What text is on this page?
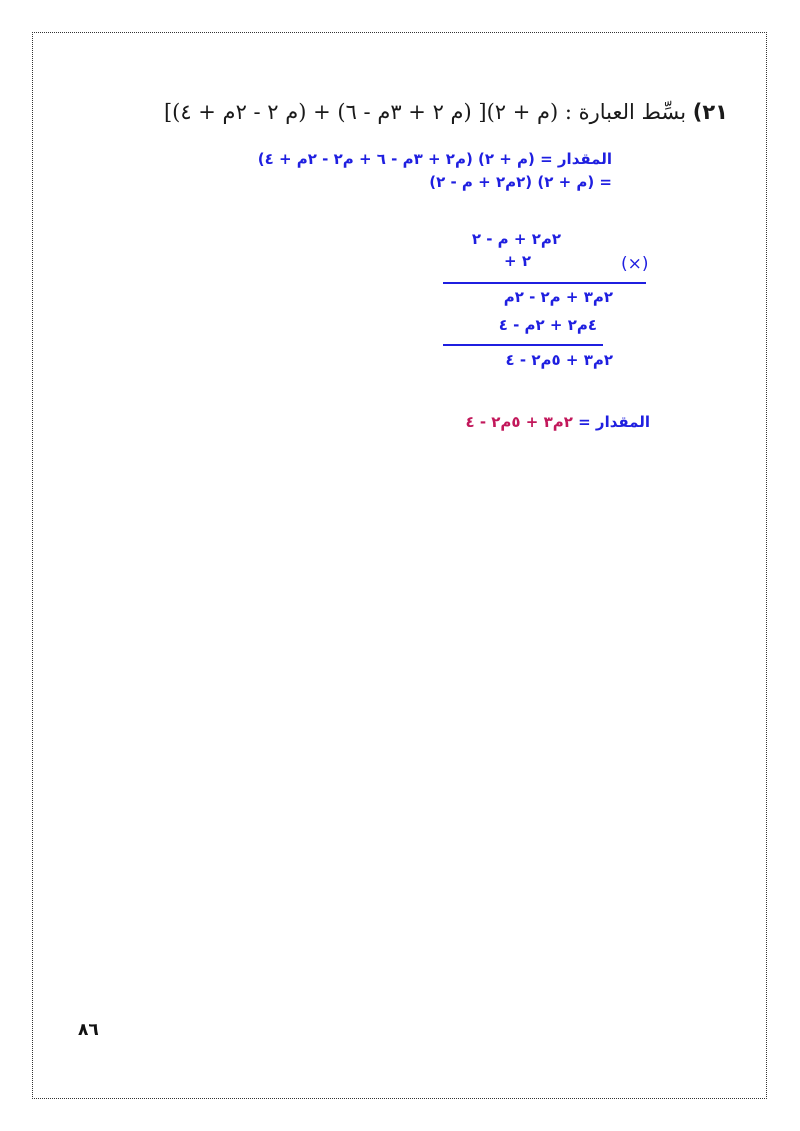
٢١) بسِّط العبارة : (م + ٢)[ (م ٢ + ٣م - ٦) + (م ٢ - ٢م + ٤)]
المقدار = (م + ٢) (م٢ + ٣م - ٦ + م٢ - ٢م + ٤)
= (م + ٢) (٢م٢ + م - ٢)
٢م٢ + م - ٢
+ ٢	(×)
٢م٣ + م٢ - ٢م
٤م٢ + ٢م - ٤
٢م٣ + ٥م٢ - ٤
المقدار = ٢م٣ + ٥م٢ - ٤
٨٦
